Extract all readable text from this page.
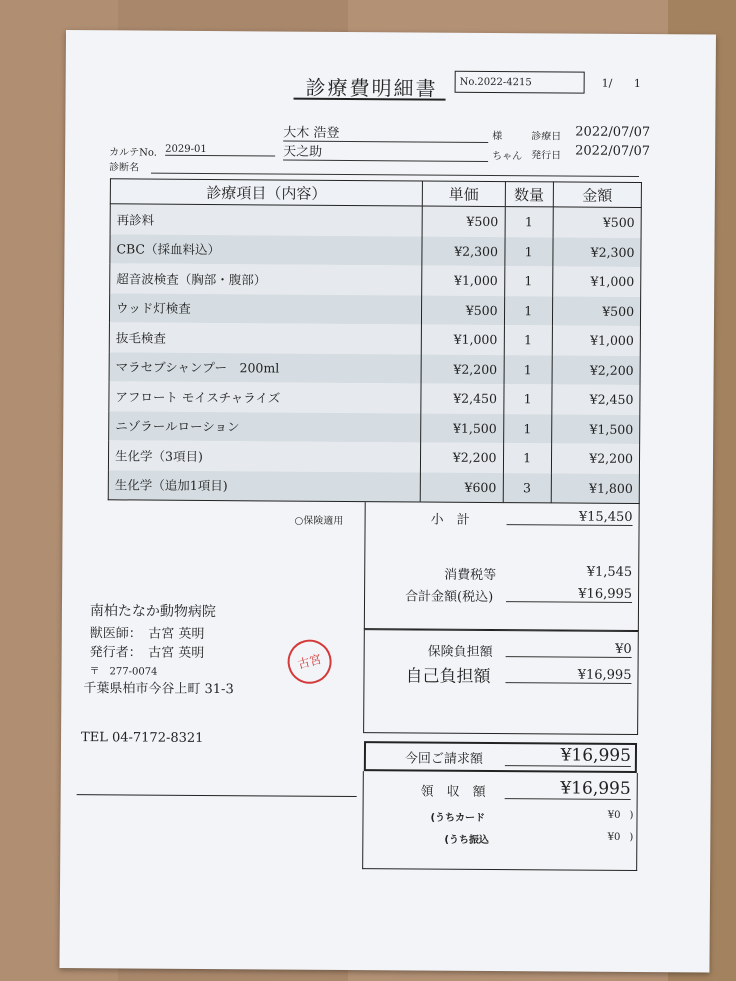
診療費明細書	No.2022-4215	1/ 1
大木 浩登	様	診療日 2022/07/07
カルテNo. 2029-01	天之助	ちゃん 発行日 2022/07/07
診断名
診療項目（内容）	単価	数量	金額
再診料	¥500	1	¥500
CBC（採血料込）	¥2,300	1	¥2,300
超音波検査（胸部・腹部）	¥1,000	1	¥1,000
ウッド灯検査	¥500	1	¥500
抜毛検査	¥1,000	1	¥1,000
マラセブシャンプー　200ml	¥2,200	1	¥2,200
アフロート モイスチャライズ	¥2,450	1	¥2,450
ニゾラールローション	¥1,500	1	¥1,500
生化学（3項目)	¥2,200	1	¥2,200
生化学（追加1項目)	¥600	3	¥1,800
○保険適用	小　計	¥15,450
消費税等	¥1,545
合計金額(税込)	¥16,995
保険負担額	¥0
自己負担額	¥16,995
今回ご請求額	¥16,995
領　収　額	¥16,995
(うちカード	¥0 )
(うち振込	¥0 )
南柏たなか動物病院
獣医師：　古宮 英明
発行者：　古宮 英明
〒　277-0074
千葉県柏市今谷上町 31-3
古宮
TEL 04-7172-8321
